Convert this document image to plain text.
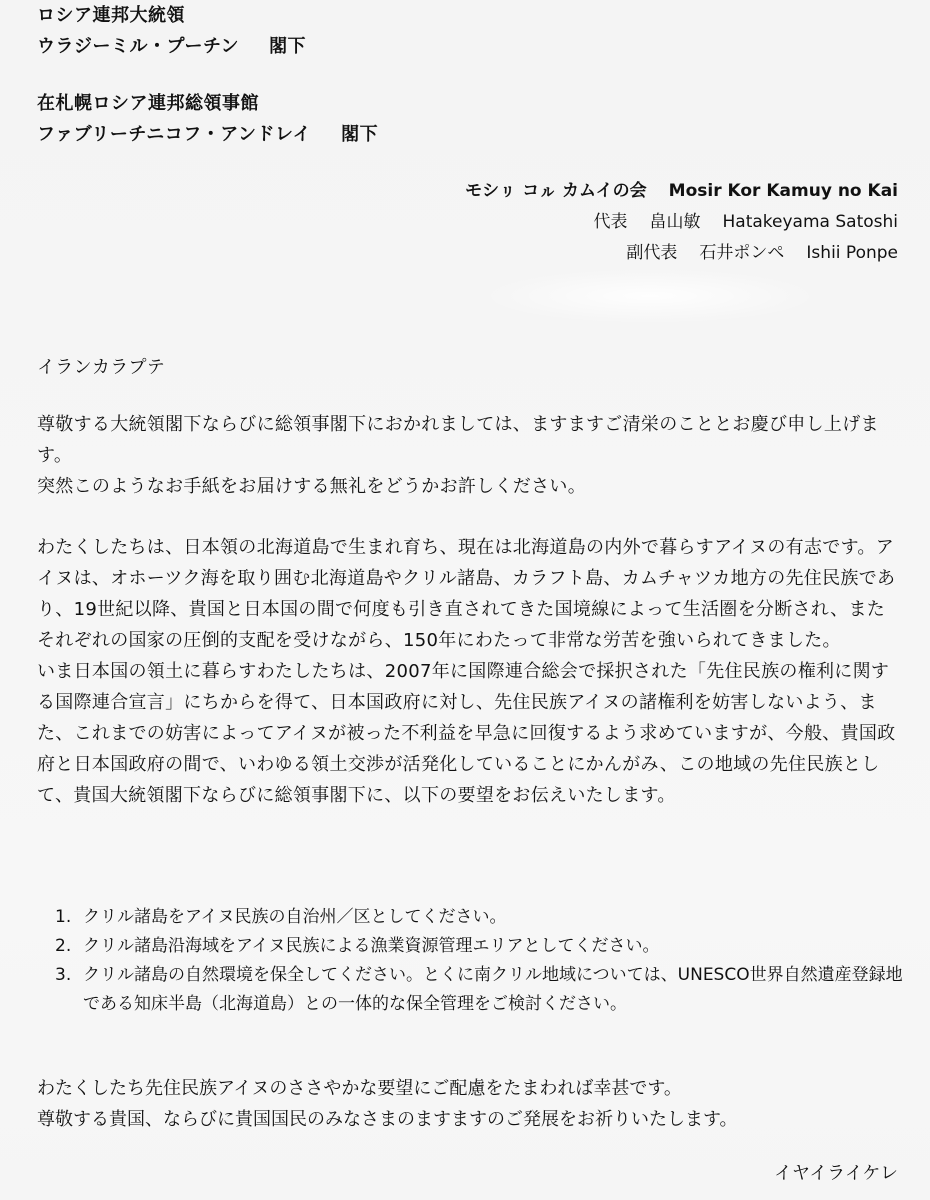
ロシア連邦大統領
ウラジーミル・プーチン 閣下
在札幌ロシア連邦総領事館
ファブリーチニコフ・アンドレイ 閣下
モシㇼ コㇽ カムイの会 Mosir Kor Kamuy no Kai
代表 畠山敏 Hatakeyama Satoshi
副代表 石井ポンペ Ishii Ponpe

イランカラプテ

尊敬する大統領閣下ならびに総領事閣下におかれましては、ますますご清栄のこととお慶び申し上げます。

突然このようなお手紙をお届けする無礼をどうかお許しください。

わたくしたちは、日本領の北海道島で生まれ育ち、現在は北海道島の内外で暮らすアイヌの有志です。アイヌは、オホーツク海を取り囲む北海道島やクリル諸島、カラフト島、カムチャツカ地方の先住民族であり、19世紀以降、貴国と日本国の間で何度も引き直されてきた国境線によって生活圏を分断され、またそれぞれの国家の圧倒的支配を受けながら、150年にわたって非常な労苦を強いられてきました。

いま日本国の領土に暮らすわたしたちは、2007年に国際連合総会で採択された「先住民族の権利に関する国際連合宣言」にちからを得て、日本国政府に対し、先住民族アイヌの諸権利を妨害しないよう、また、これまでの妨害によってアイヌが被った不利益を早急に回復するよう求めていますが、今般、貴国政府と日本国政府の間で、いわゆる領土交渉が活発化していることにかんがみ、この地域の先住民族として、貴国大統領閣下ならびに総領事閣下に、以下の要望をお伝えいたします。

1. クリル諸島をアイヌ民族の自治州／区としてください。
2. クリル諸島沿海域をアイヌ民族による漁業資源管理エリアとしてください。
3. クリル諸島の自然環境を保全してください。とくに南クリル地域については、UNESCO世界自然遺産登録地である知床半島（北海道島）との一体的な保全管理をご検討ください。

わたくしたち先住民族アイヌのささやかな要望にご配慮をたまわれば幸甚です。

尊敬する貴国、ならびに貴国国民のみなさまのますますのご発展をお祈りいたします。

イヤイライケレ
